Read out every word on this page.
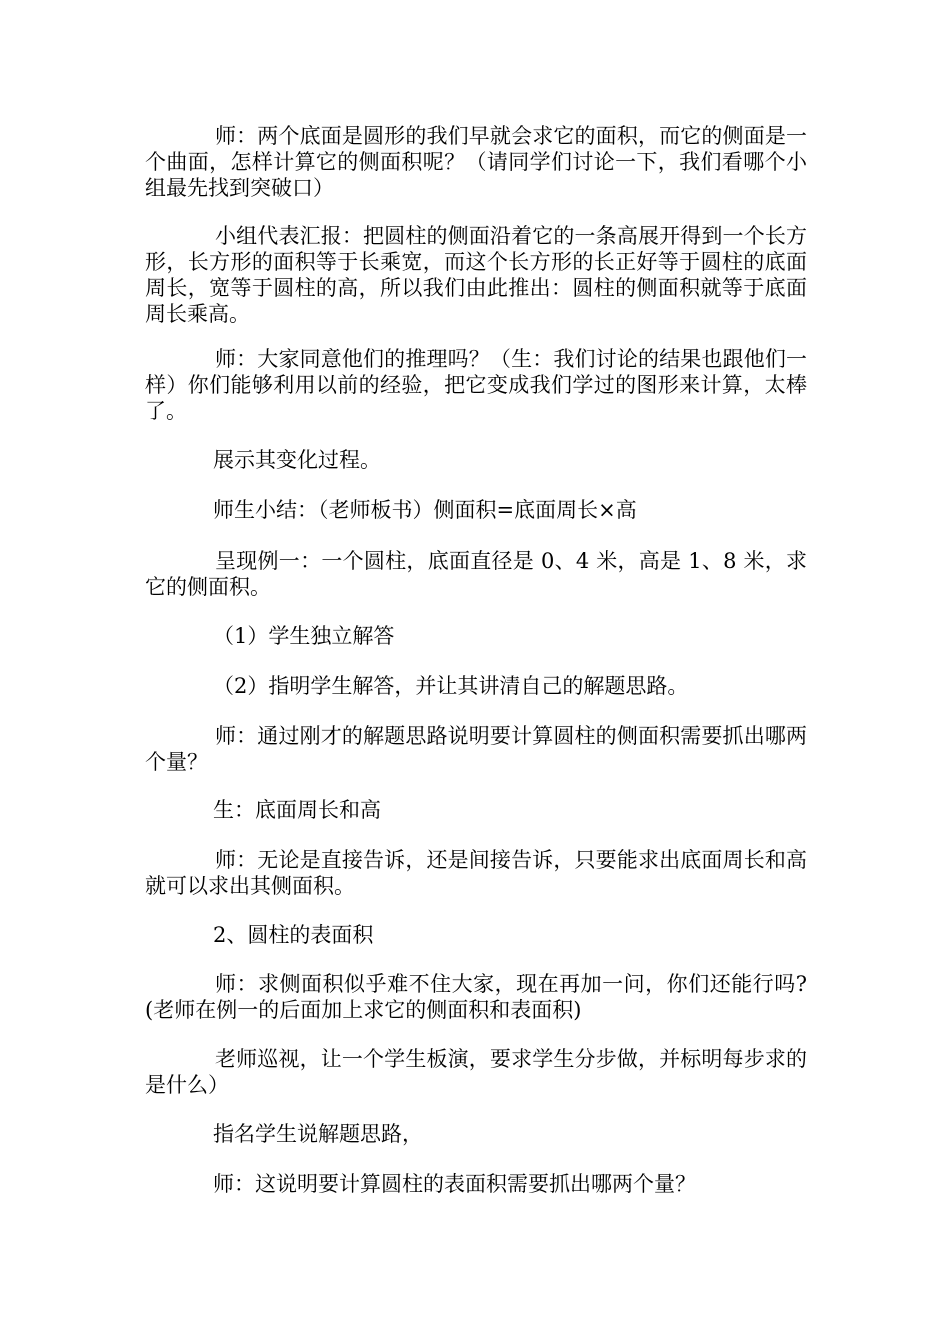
师：两个底面是圆形的我们早就会求它的面积，而它的侧面是一个曲面，怎样计算它的侧面积呢？（请同学们讨论一下，我们看哪个小组最先找到突破口）

小组代表汇报：把圆柱的侧面沿着它的一条高展开得到一个长方形，长方形的面积等于长乘宽，而这个长方形的长正好等于圆柱的底面周长，宽等于圆柱的高，所以我们由此推出：圆柱的侧面积就等于底面周长乘高。

师：大家同意他们的推理吗？（生：我们讨论的结果也跟他们一样）你们能够利用以前的经验，把它变成我们学过的图形来计算，太棒了。

展示其变化过程。

师生小结：（老师板书）侧面积=底面周长×高

呈现例一：一个圆柱，底面直径是 0、4 米，高是 1、8 米，求它的侧面积。

（1）学生独立解答

（2）指明学生解答，并让其讲清自己的解题思路。

师：通过刚才的解题思路说明要计算圆柱的侧面积需要抓出哪两个量？

生：底面周长和高

师：无论是直接告诉，还是间接告诉，只要能求出底面周长和高就可以求出其侧面积。

2、圆柱的表面积

师：求侧面积似乎难不住大家，现在再加一问，你们还能行吗?(老师在例一的后面加上求它的侧面积和表面积)

老师巡视，让一个学生板演，要求学生分步做，并标明每步求的是什么）

指名学生说解题思路，

师：这说明要计算圆柱的表面积需要抓出哪两个量？
